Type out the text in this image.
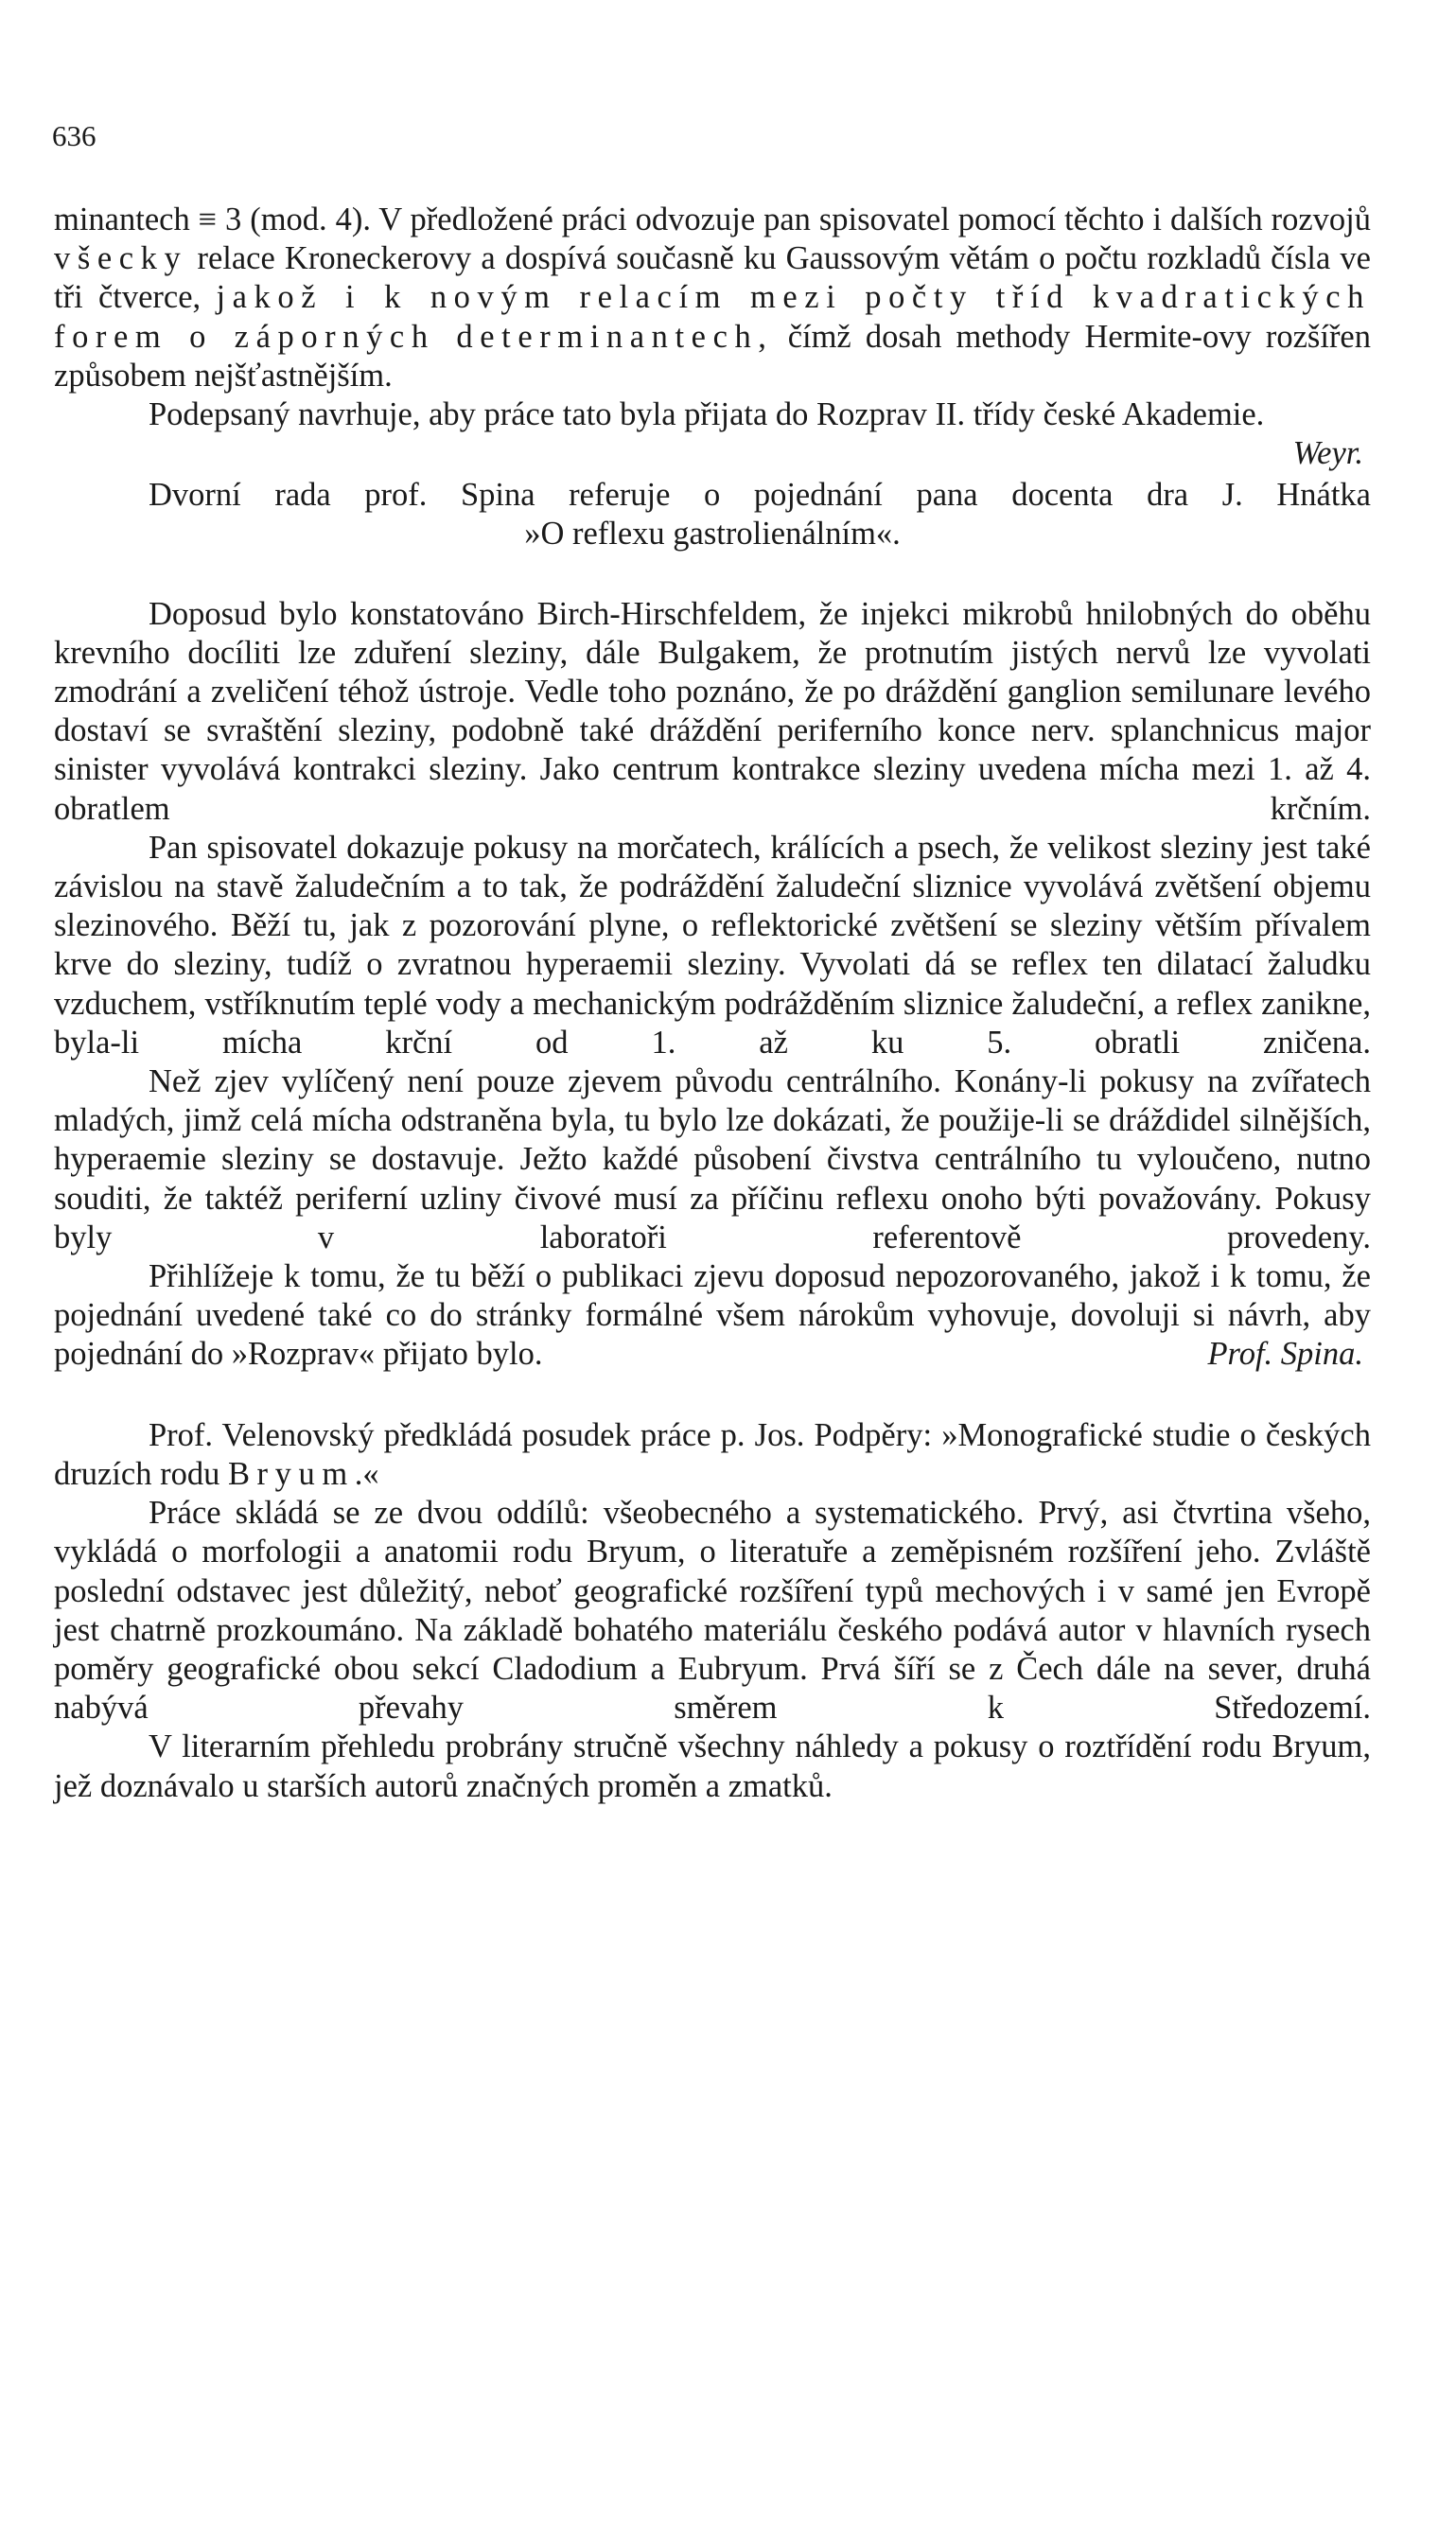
636

minantech ≡ 3 (mod. 4). V předložené práci odvozuje pan spisovatel pomocí těchto i dalších rozvojů všecky relace Kroneckerovy a dospívá současně ku Gaussovým větám o počtu rozkladů čísla ve tři čtverce, jakož i k novým relacím mezi počty tříd kvadratických forem o záporných determinantech, čímž dosah methody Hermite-ovy rozšířen způsobem nejšťastnějším.

Podepsaný navrhuje, aby práce tato byla přijata do Rozprav II. třídy české Akademie.
Weyr.

Dvorní rada prof. Spina referuje o pojednání pana docenta dra J. Hnátka

»O reflexu gastrolienálním«.

Doposud bylo konstatováno Birch-Hirschfeldem, že injekci mikrobů hnilobných do oběhu krevního docíliti lze zduření sleziny, dále Bulgakem, že protnutím jistých nervů lze vyvolati zmodrání a zveličení téhož ústroje. Vedle toho poznáno, že po dráždění ganglion semilunare levého dostaví se svraštění sleziny, podobně také dráždění periferního konce nerv. splanchnicus major sinister vyvolává kontrakci sleziny. Jako centrum kontrakce sleziny uvedena mícha mezi 1. až 4. obratlem krčním.

Pan spisovatel dokazuje pokusy na morčatech, králících a psech, že velikost sleziny jest také závislou na stavě žaludečním a to tak, že podráždění žaludeční sliznice vyvolává zvětšení objemu slezinového. Běží tu, jak z pozorování plyne, o reflektorické zvětšení se sleziny větším přívalem krve do sleziny, tudíž o zvratnou hyperaemii sleziny. Vyvolati dá se reflex ten dilatací žaludku vzduchem, vstříknutím teplé vody a mechanickým podrážděním sliznice žaludeční, a reflex zanikne, byla-li mícha krční od 1. až ku 5. obratli zničena.

Než zjev vylíčený není pouze zjevem původu centrálního. Konány-li pokusy na zvířatech mladých, jimž celá mícha odstraněna byla, tu bylo lze dokázati, že použije-li se dráždidel silnějších, hyperaemie sleziny se dostavuje. Ježto každé působení čivstva centrálního tu vyloučeno, nutno souditi, že taktéž periferní uzliny čivové musí za příčinu reflexu onoho býti považovány. Pokusy byly v laboratoři referentově provedeny.

Přihlížeje k tomu, že tu běží o publikaci zjevu doposud nepozorovaného, jakož i k tomu, že pojednání uvedené také co do stránky formálné všem nárokům vyhovuje, dovoluji si návrh, aby pojednání do »Rozprav« přijato bylo.	Prof. Spina.

Prof. Velenovský předkládá posudek práce p. Jos. Podpěry: »Monografické studie o českých druzích rodu Bryum.«

Práce skládá se ze dvou oddílů: všeobecného a systematického. Prvý, asi čtvrtina všeho, vykládá o morfologii a anatomii rodu Bryum, o literatuře a zeměpisném rozšíření jeho. Zvláště poslední odstavec jest důležitý, neboť geografické rozšíření typů mechových i v samé jen Evropě jest chatrně prozkoumáno. Na základě bohatého materiálu českého podává autor v hlavních rysech poměry geografické obou sekcí Cladodium a Eubryum. Prvá šíří se z Čech dále na sever, druhá nabývá převahy směrem k Středozemí.

V literarním přehledu probrány stručně všechny náhledy a pokusy o roztřídění rodu Bryum, jež doznávalo u starších autorů značných proměn a zmatků.
